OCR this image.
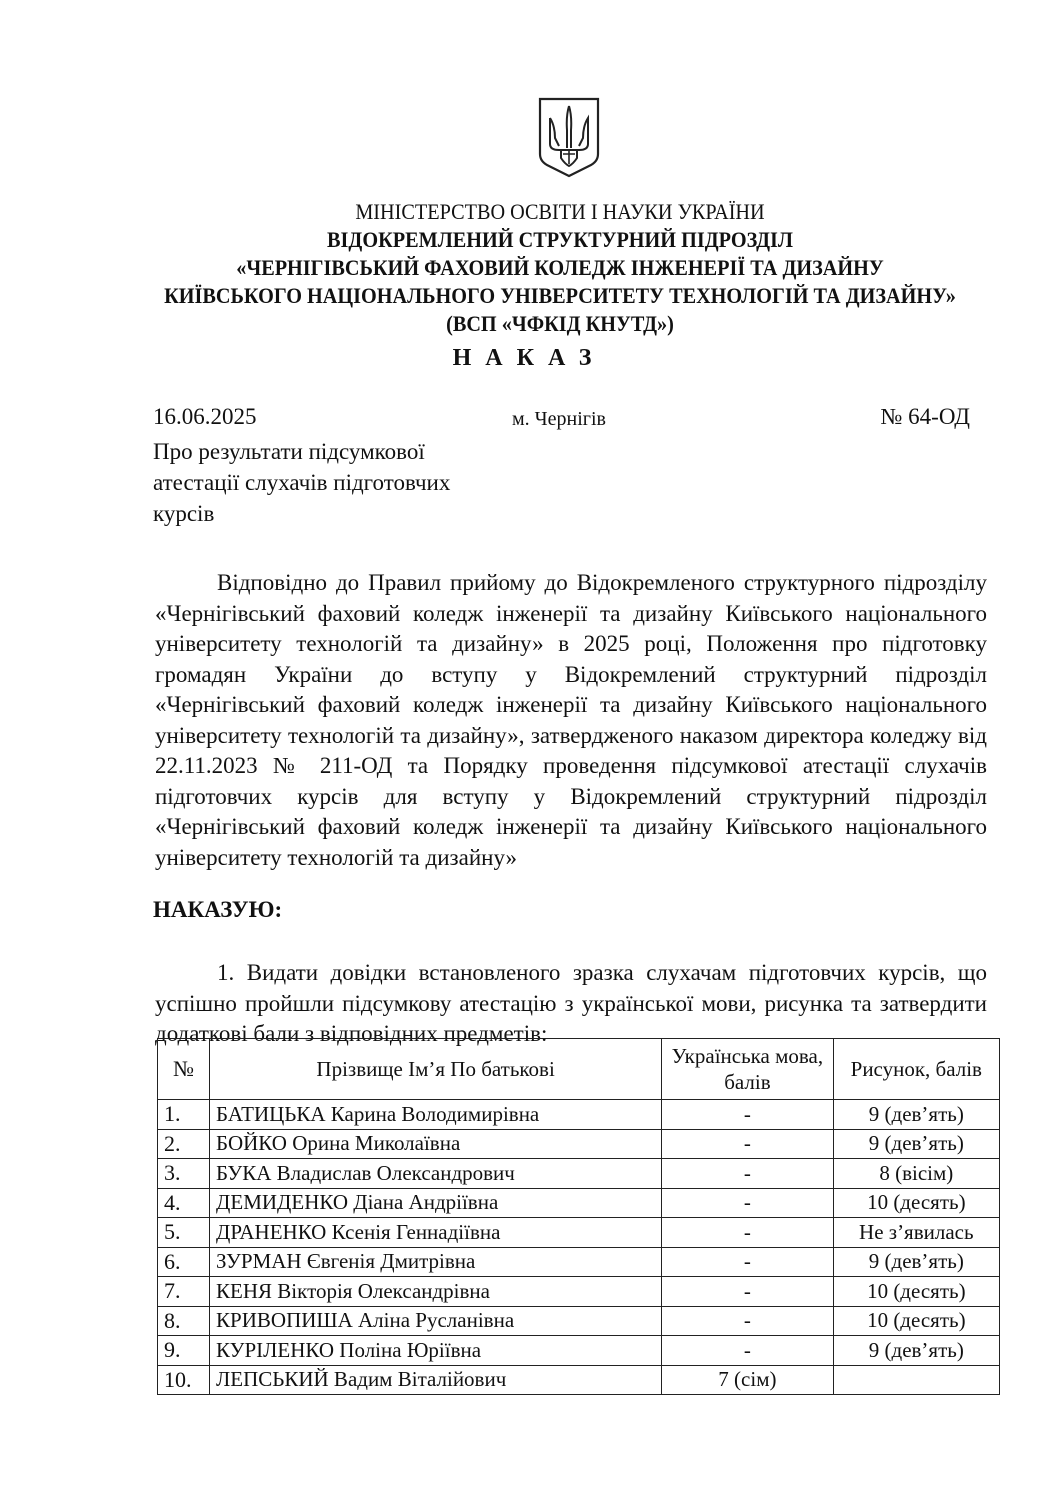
МІНІСТЕРСТВО ОСВІТИ І НАУКИ УКРАЇНИ
ВІДОКРЕМЛЕНИЙ СТРУКТУРНИЙ ПІДРОЗДІЛ
«ЧЕРНІГІВСЬКИЙ ФАХОВИЙ КОЛЕДЖ ІНЖЕНЕРІЇ ТА ДИЗАЙНУ
КИЇВСЬКОГО НАЦІОНАЛЬНОГО УНІВЕРСИТЕТУ ТЕХНОЛОГІЙ ТА ДИЗАЙНУ»
(ВСП «ЧФКІД КНУТД»)
НАКАЗ
16.06.2025	м. Чернігів	№ 64-ОД
Про результати підсумкової атестації слухачів підготовчих курсів
Відповідно до Правил прийому до Відокремленого структурного підрозділу «Чернігівський фаховий коледж інженерії та дизайну Київського національного університету технологій та дизайну» в 2025 році, Положення про підготовку громадян України до вступу у Відокремлений структурний підрозділ «Чернігівський фаховий коледж інженерії та дизайну Київського національного університету технологій та дизайну», затвердженого наказом директора коледжу від 22.11.2023 № 211-ОД та Порядку проведення підсумкової атестації слухачів підготовчих курсів для вступу у Відокремлений структурний підрозділ «Чернігівський фаховий коледж інженерії та дизайну Київського національного університету технологій та дизайну»
НАКАЗУЮ:
1. Видати довідки встановленого зразка слухачам підготовчих курсів, що успішно пройшли підсумкову атестацію з української мови, рисунка та затвердити додаткові бали з відповідних предметів:
№	Прізвище Ім’я По батькові	Українська мова, балів	Рисунок, балів
1.	БАТИЦЬКА Карина Володимирівна	-	9 (дев’ять)
2.	БОЙКО Орина Миколаївна	-	9 (дев’ять)
3.	БУКА Владислав Олександрович	-	8 (вісім)
4.	ДЕМИДЕНКО Діана Андріївна	-	10 (десять)
5.	ДРАНЕНКО Ксенія Геннадіївна	-	Не з’явилась
6.	ЗУРМАН Євгенія Дмитрівна	-	9 (дев’ять)
7.	КЕНЯ Вікторія Олександрівна	-	10 (десять)
8.	КРИВОПИША Аліна Русланівна	-	10 (десять)
9.	КУРІЛЕНКО Поліна Юріївна	-	9 (дев’ять)
10.	ЛЕПСЬКИЙ Вадим Віталійович	7 (сім)	
